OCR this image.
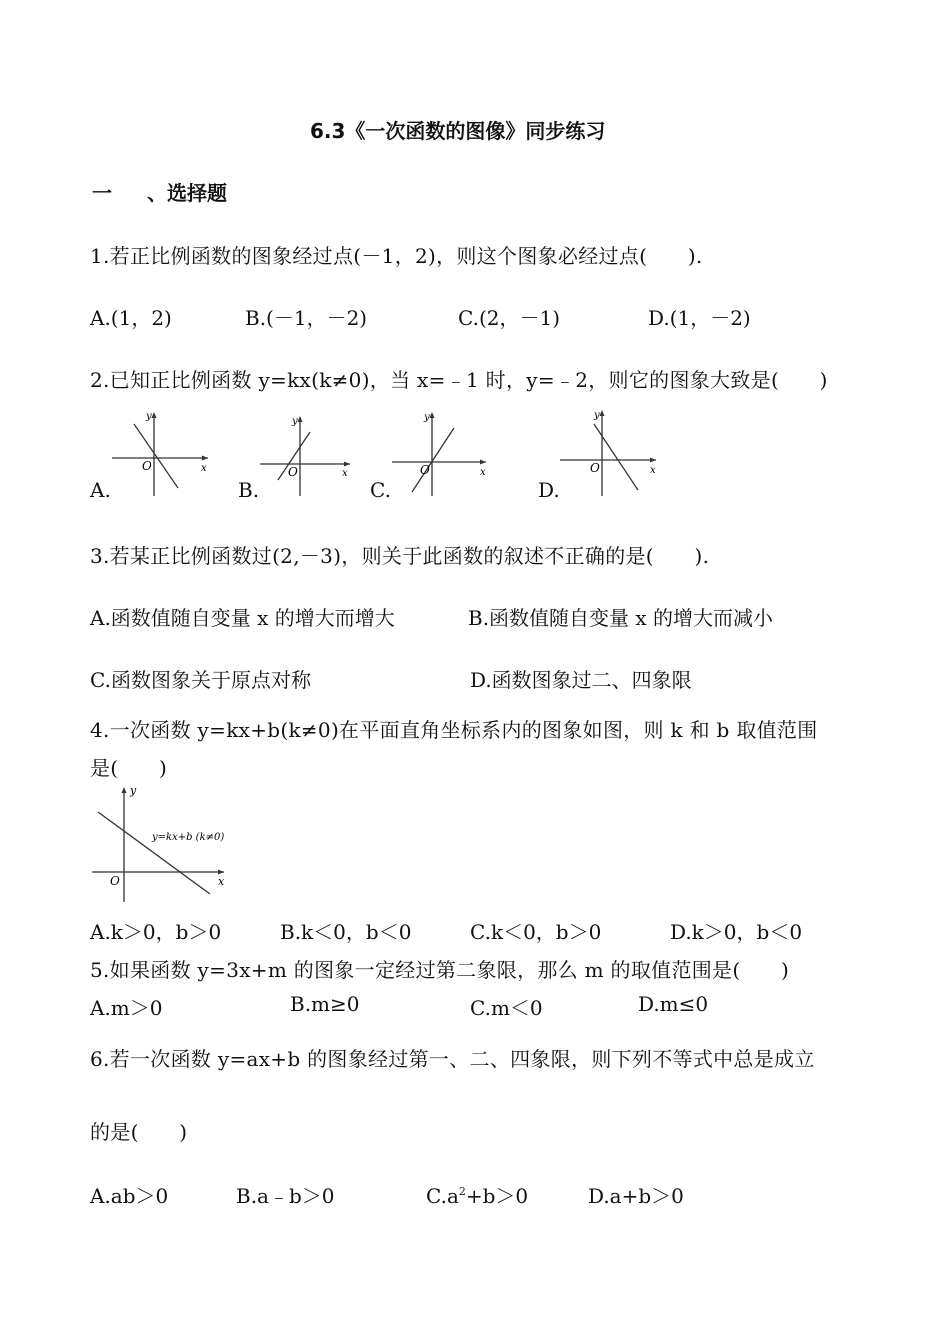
6.3《一次函数的图像》同步练习
一 、选择题
1.若正比例函数的图象经过点(－1，2)，则这个图象必经过点(　　).
A.(1，2)	B.(－1，－2)	C.(2，－1)	D.(1，－2)
2.已知正比例函数 y=kx(k≠0)，当 x=﹣1 时，y=﹣2，则它的图象大致是(　　)
A.
y
x
O
B.
y
x
O
C.
y
x
O
D.
y
x
O
3.若某正比例函数过(2,－3)，则关于此函数的叙述不正确的是(　　).
A.函数值随自变量 x 的增大而增大	B.函数值随自变量 x 的增大而减小
C.函数图象关于原点对称	D.函数图象过二、四象限
4.一次函数 y=kx+b(k≠0)在平面直角坐标系内的图象如图，则 k 和 b 取值范围
是(　　)
y
x
O
y=kx+b (k≠0)
A.k＞0，b＞0	B.k＜0，b＜0	C.k＜0，b＞0	D.k＞0，b＜0
5.如果函数 y=3x+m 的图象一定经过第二象限，那么 m 的取值范围是(　　)
A.m＞0	B.m≥0	C.m＜0	D.m≤0
6.若一次函数 y=ax+b 的图象经过第一、二、四象限，则下列不等式中总是成立
的是(　　)
A.ab＞0	B.a﹣b＞0	$C.a^2+b>0$	D.a+b＞0
